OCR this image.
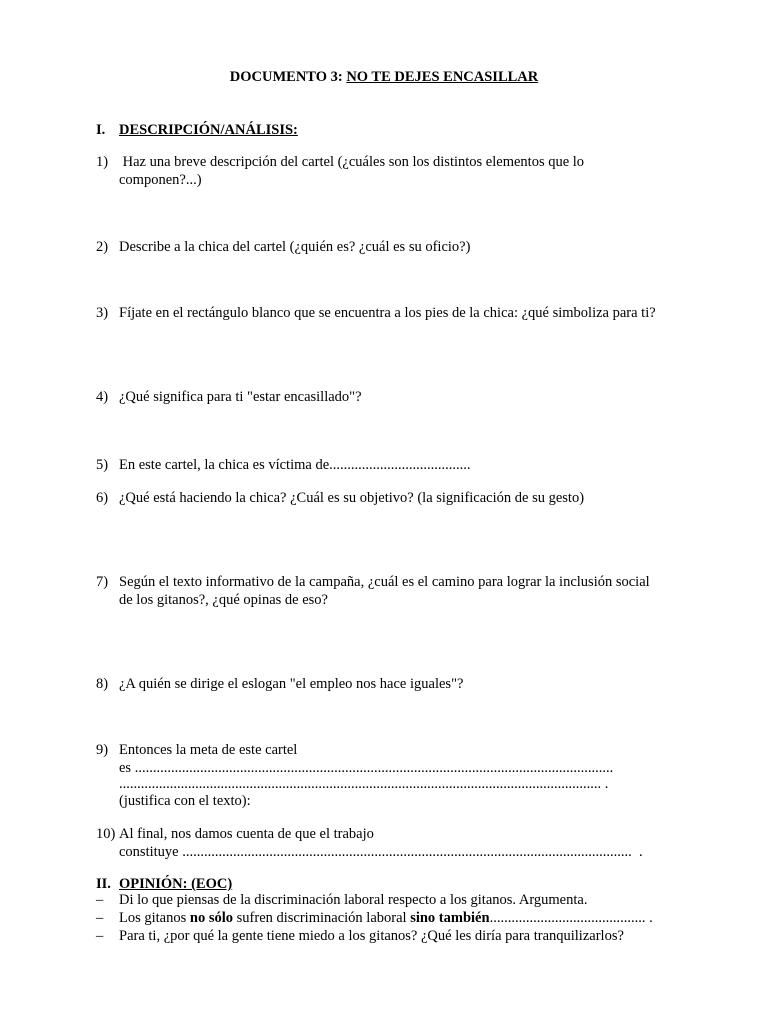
DOCUMENTO 3: NO TE DEJES ENCASILLAR
I. DESCRIPCIÓN/ANÁLISIS:
1) Haz una breve descripción del cartel (¿cuáles son los distintos elementos que lo
componen?...)
2) Describe a la chica del cartel (¿quién es? ¿cuál es su oficio?)
3) Fíjate en el rectángulo blanco que se encuentra a los pies de la chica: ¿qué simboliza para ti?
4) ¿Qué significa para ti "estar encasillado"?
5) En este cartel, la chica es víctima de.......................................
6) ¿Qué está haciendo la chica? ¿Cuál es su objetivo? (la significación de su gesto)
7) Según el texto informativo de la campaña, ¿cuál es el camino para lograr la inclusión social
de los gitanos?, ¿qué opinas de eso?
8) ¿A quién se dirige el eslogan "el empleo nos hace iguales"?
9) Entonces la meta de este cartel
es ....................................................................................................................................
..................................................................................................................................... .
(justifica con el texto):
10) Al final, nos damos cuenta de que el trabajo
constituye ............................................................................................................................  .
II. OPINIÓN: (EOC)
– Di lo que piensas de la discriminación laboral respecto a los gitanos. Argumenta.
– Los gitanos no sólo sufren discriminación laboral sino también........................................... .
– Para ti, ¿por qué la gente tiene miedo a los gitanos? ¿Qué les diría para tranquilizarlos?
